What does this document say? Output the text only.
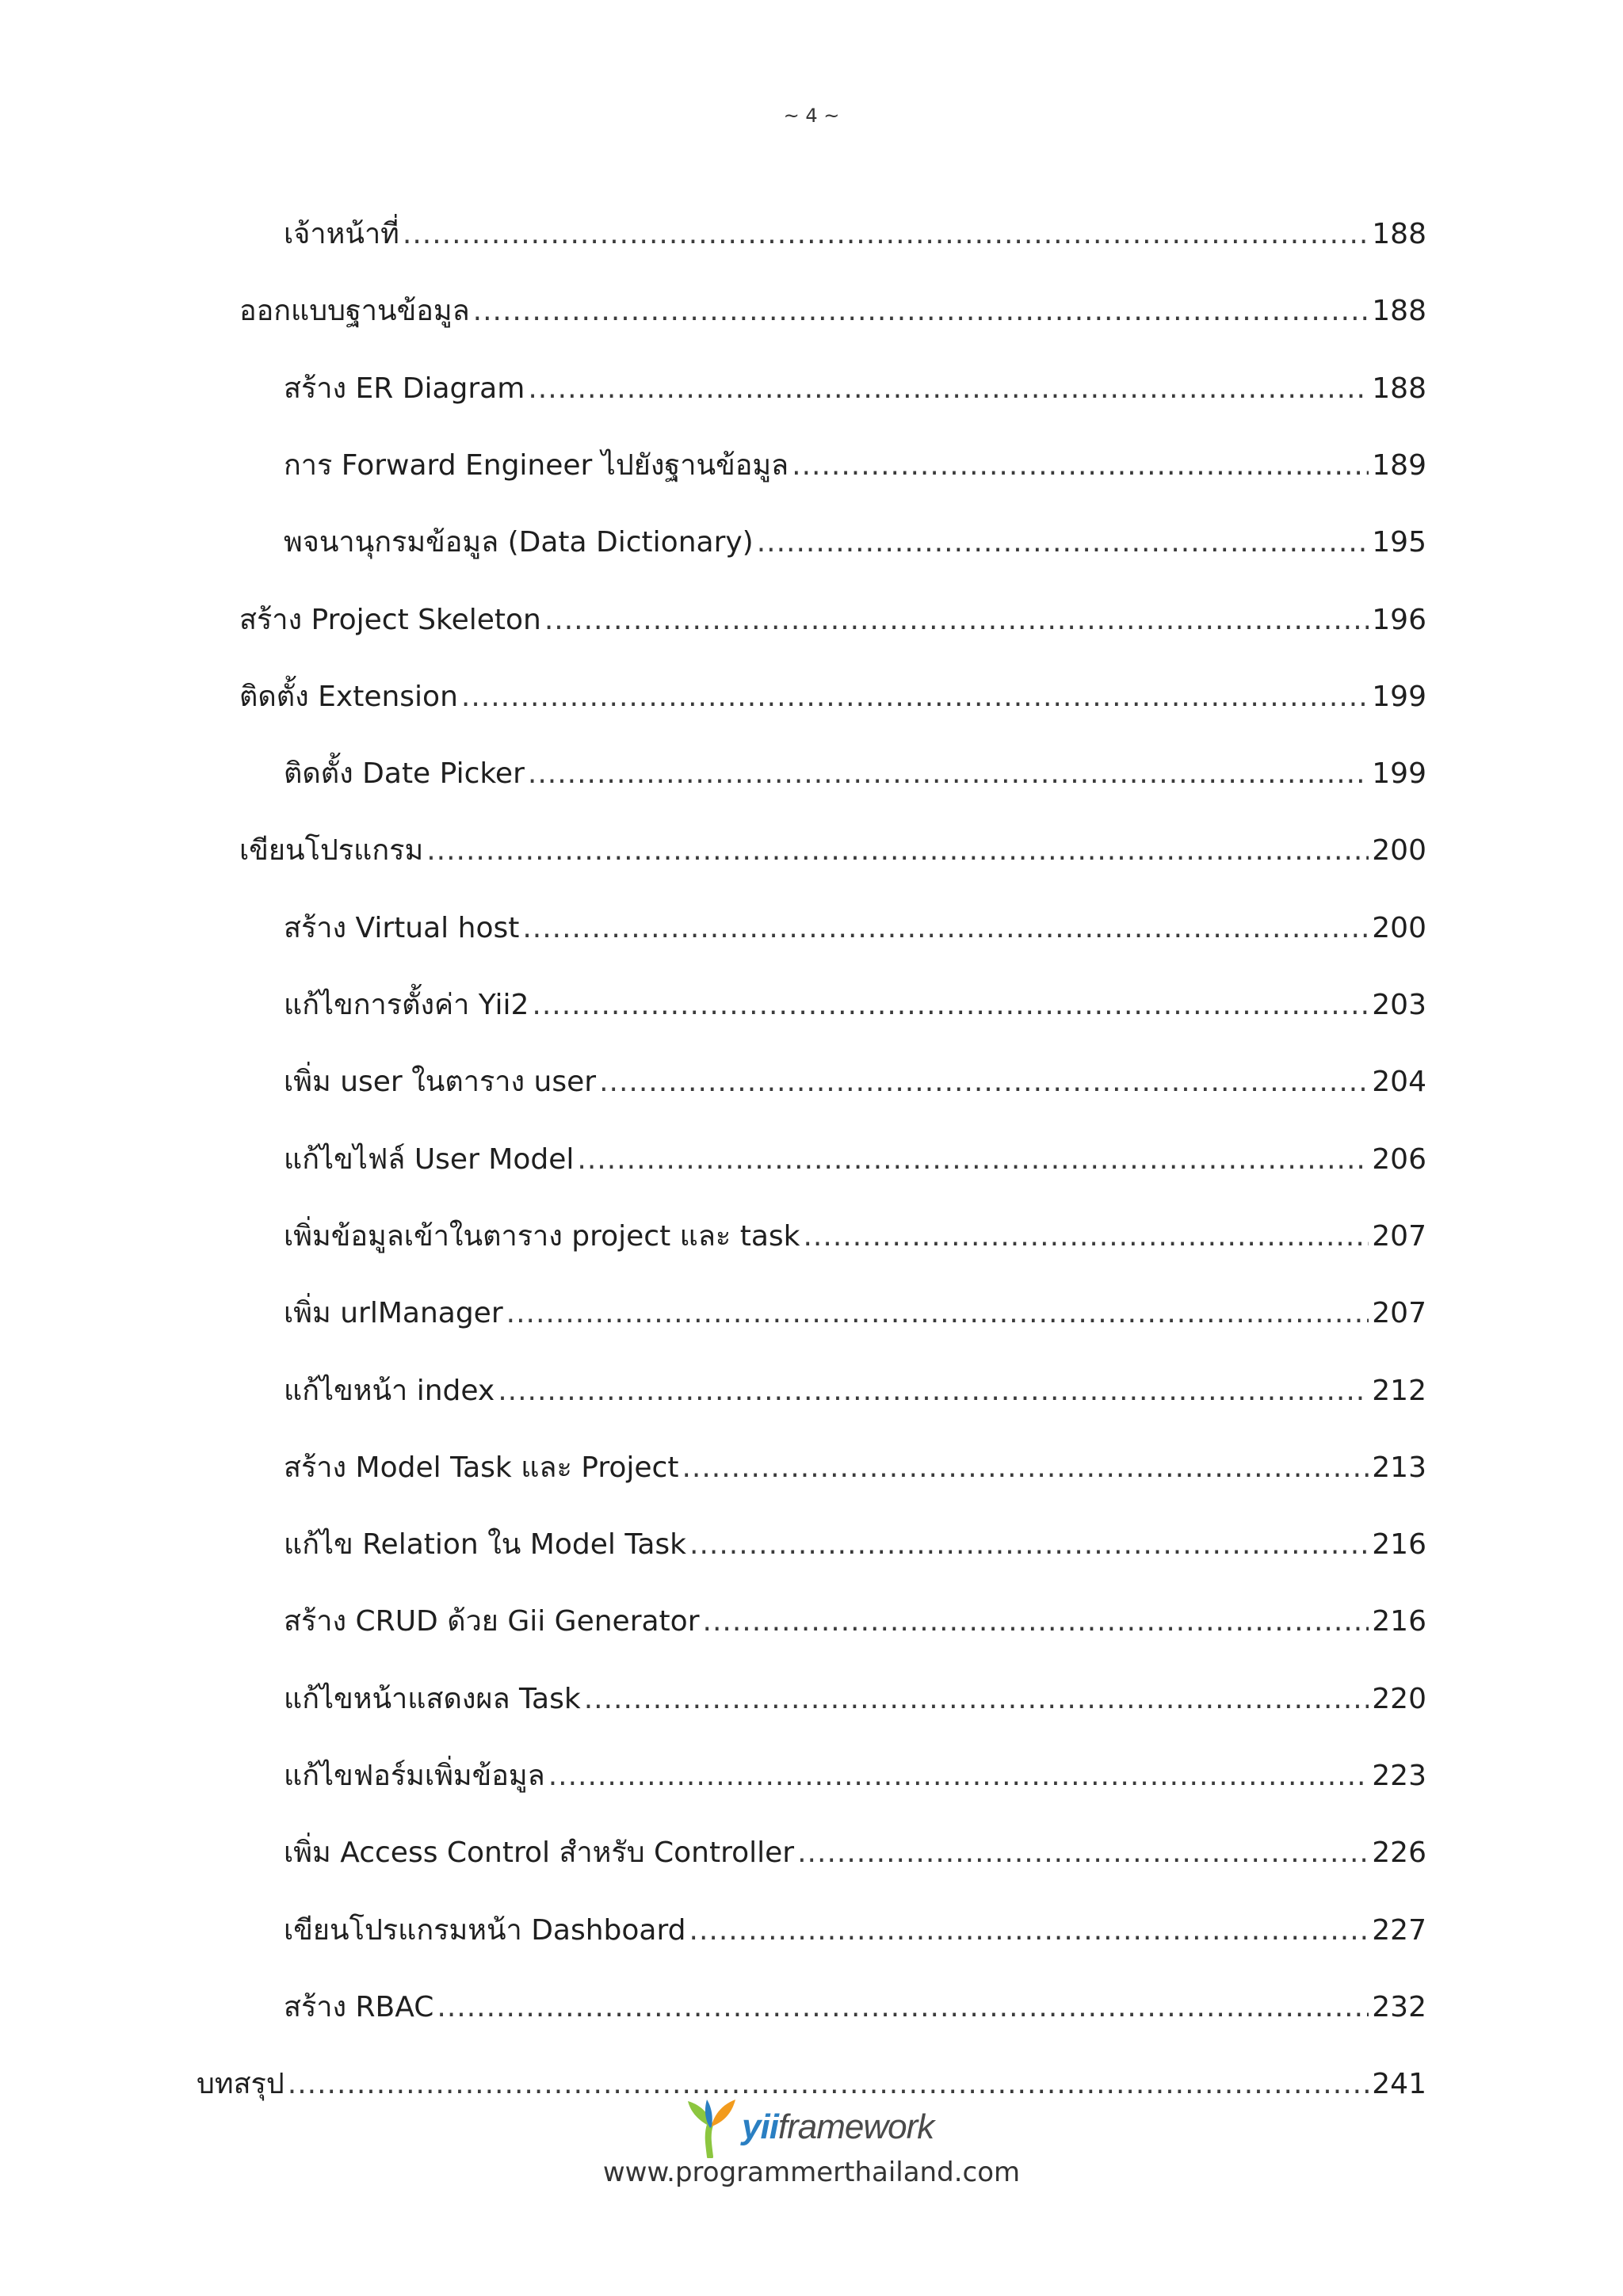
~ 4 ~
เจ้าหน้าที่ .....	188
ออกแบบฐานข้อมูล .....	188
สร้าง ER Diagram .....	188
การ Forward Engineer ไปยังฐานข้อมูล .....	189
พจนานุกรมข้อมูล (Data Dictionary) .....	195
สร้าง Project Skeleton .....	196
ติดตั้ง Extension .....	199
ติดตั้ง Date Picker .....	199
เขียนโปรแกรม .....	200
สร้าง Virtual host .....	200
แก้ไขการตั้งค่า Yii2 .....	203
เพิ่ม user ในตาราง user .....	204
แก้ไขไฟล์ User Model .....	206
เพิ่มข้อมูลเข้าในตาราง project และ task .....	207
เพิ่ม urlManager .....	207
แก้ไขหน้า index .....	212
สร้าง Model Task และ Project .....	213
แก้ไข Relation ใน Model Task .....	216
สร้าง CRUD ด้วย Gii Generator .....	216
แก้ไขหน้าแสดงผล Task .....	220
แก้ไขฟอร์มเพิ่มข้อมูล .....	223
เพิ่ม Access Control สำหรับ Controller .....	226
เขียนโปรแกรมหน้า Dashboard .....	227
สร้าง RBAC .....	232
บทสรุป .....	241
yiiframework
www.programmerthailand.com
